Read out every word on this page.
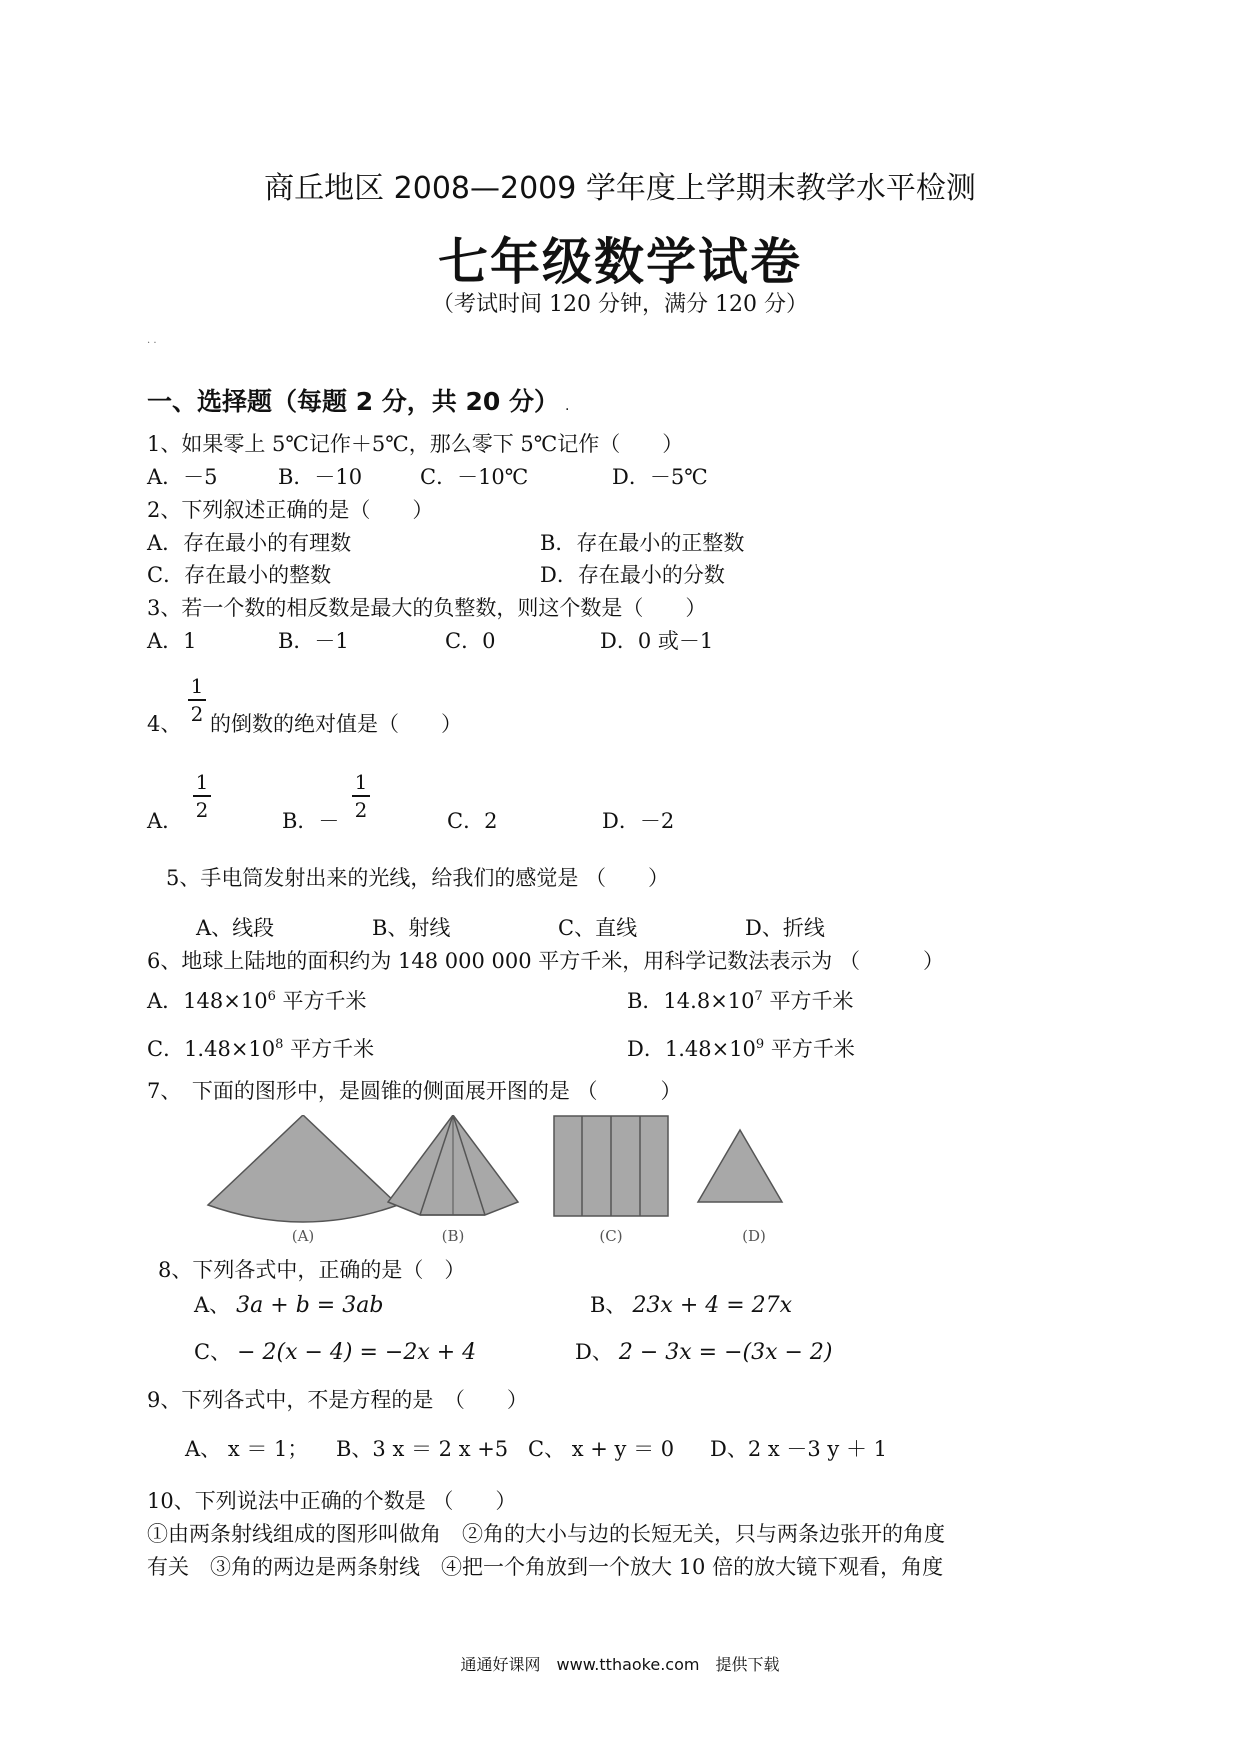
商丘地区 2008—2009 学年度上学期末教学水平检测
七年级数学试卷
（考试时间 120 分钟，满分 120 分）
. .
一、选择题（每题 2 分，共 20 分） .
1、如果零上 5℃记作＋5℃，那么零下 5℃记作（　　）
A．－5	B．－10	C．－10℃	D．－5℃
2、下列叙述正确的是（　　）
A．存在最小的有理数	B．存在最小的正整数
C．存在最小的整数	D．存在最小的分数
3、若一个数的相反数是最大的负整数，则这个数是（　　）
A．1	B．－1	C．0	D．0 或－1
4、
1
2 的倒数的绝对值是（　　）
A．
1
2	B．－
1
2	C．2	D．－2
5、手电筒发射出来的光线，给我们的感觉是 （　　）
A、线段	B、射线	C、直线	D、折线
6、地球上陆地的面积约为 148 000 000 平方千米，用科学记数法表示为 （　　　）
A．$148\times 10^6$ 平方千米	B．$14.8\times 10^7$ 平方千米
C．$1.48\times 10^8$ 平方千米	D．$1.48\times 10^9$ 平方千米
7、　下面的图形中，是圆锥的侧面展开图的是 （　　　）
(A)	(B)	(C)	(D)
8、下列各式中，正确的是（　）
A、 3a + b = 3ab	B、 23x + 4 = 27x
C、 − 2(x − 4) = −2x + 4	D、 2 − 3x = −(3x − 2)
9、下列各式中，不是方程的是　（　　）
A、 x ＝ 1； B、3 x ＝ 2 x +5 C、 x + y ＝ 0 D、2 x －3 y ＋ 1
10、下列说法中正确的个数是 （　　）
①由两条射线组成的图形叫做角　②角的大小与边的长短无关，只与两条边张开的角度
有关　③角的两边是两条射线　④把一个角放到一个放大 10 倍的放大镜下观看，角度
通通好课网　www.tthaoke.com　提供下载
